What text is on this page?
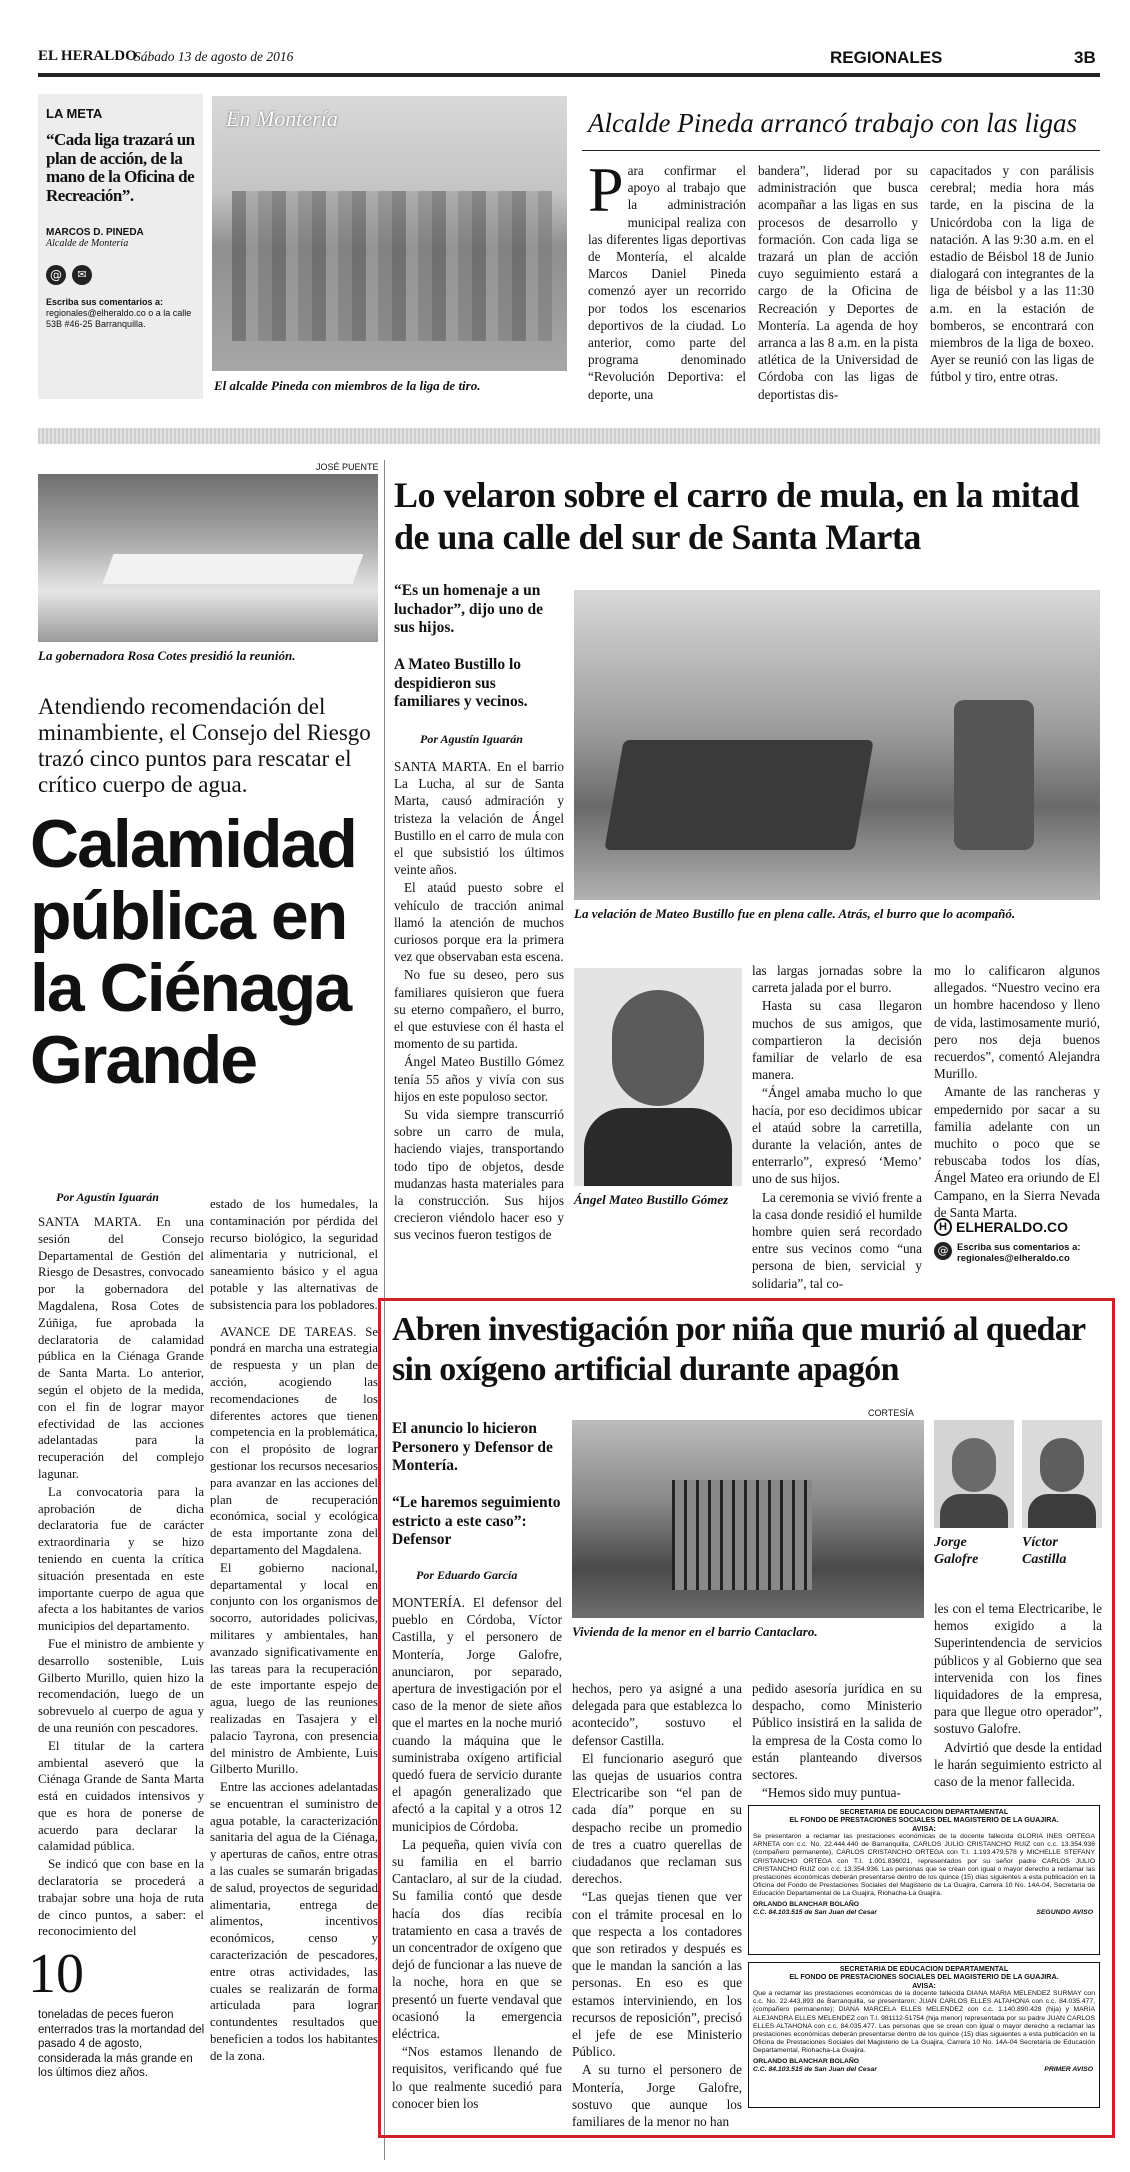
EL HERALDO
Sábado 13 de agosto de 2016	REGIONALES	3B
LA META
“Cada liga trazará un plan de acción, de la mano de la Oficina de Recreación”.
MARCOS D. PINEDA
Alcalde de Montería
@	✉
Escriba sus comentarios a:
regionales@elheraldo.co o a la calle 53B #46-25 Barranquilla.
En Montería
El alcalde Pineda con miembros de la liga de tiro.
Alcalde Pineda arrancó trabajo con las ligas
P ara confirmar el apoyo al trabajo que la administración municipal realiza con las diferentes ligas deportivas de Montería, el alcalde Marcos Daniel Pineda comenzó ayer un recorrido por todos los escenarios deportivos de la ciudad. Lo anterior, como parte del programa denominado “Revolución Deportiva: el deporte, una
bandera”, liderad por su administración que busca acompañar a las ligas en sus procesos de desarrollo y formación. Con cada liga se trazará un plan de acción cuyo seguimiento estará a cargo de la Oficina de Recreación y Deportes de Montería. La agenda de hoy arranca a las 8 a.m. en la pista atlética de la Universidad de Córdoba con las ligas de deportistas dis-
capacitados y con parálisis cerebral; media hora más tarde, en la piscina de la Unicórdoba con la liga de natación. A las 9:30 a.m. en el estadio de Béisbol 18 de Junio dialogará con integrantes de la liga de béisbol y a las 11:30 a.m. en la estación de bomberos, se encontrará con miembros de la liga de boxeo. Ayer se reunió con las ligas de fútbol y tiro, entre otras.
JOSÉ PUENTE
La gobernadora Rosa Cotes presidió la reunión.
Atendiendo recomendación del minambiente, el Consejo del Riesgo trazó cinco puntos para rescatar el crítico cuerpo de agua.
Calamidad pública en la Ciénaga Grande
Por Agustín Iguarán

SANTA MARTA. En una sesión del Consejo Departamental de Gestión del Riesgo de Desastres, convocado por la gobernadora del Magdalena, Rosa Cotes de Zúñiga, fue aprobada la declaratoria de calamidad pública en la Ciénaga Grande de Santa Marta. Lo anterior, según el objeto de la medida, con el fin de lograr mayor efectividad de las acciones adelantadas para la recuperación del complejo lagunar.

La convocatoria para la aprobación de dicha declaratoria fue de carácter extraordinaria y se hizo teniendo en cuenta la crítica situación presentada en este importante cuerpo de agua que afecta a los habitantes de varios municipios del departamento.

Fue el ministro de ambiente y desarrollo sostenible, Luis Gilberto Murillo, quien hizo la recomendación, luego de un sobrevuelo al cuerpo de agua y de una reunión con pescadores.

El titular de la cartera ambiental aseveró que la Ciénaga Grande de Santa Marta está en cuidados intensivos y que es hora de ponerse de acuerdo para declarar la calamidad pública.

Se indicó que con base en la declaratoria se procederá a trabajar sobre una hoja de ruta de cinco puntos, a saber: el reconocimiento del

estado de los humedales, la contaminación por pérdida del recurso biológico, la seguridad alimentaria y nutricional, el saneamiento básico y el agua potable y las alternativas de subsistencia para los pobladores.

AVANCE DE TAREAS. Se pondrá en marcha una estrategia de respuesta y un plan de acción, acogiendo las recomendaciones de los diferentes actores que tienen competencia en la problemática, con el propósito de lograr gestionar los recursos necesarios para avanzar en las acciones del plan de recuperación económica, social y ecológica de esta importante zona del departamento del Magdalena.

El gobierno nacional, departamental y local en conjunto con los organismos de socorro, autoridades policivas, militares y ambientales, han avanzado significativamente en las tareas para la recuperación de este importante espejo de agua, luego de las reuniones realizadas en Tasajera y el palacio Tayrona, con presencia del ministro de Ambiente, Luis Gilberto Murillo.

Entre las acciones adelantadas se encuentran el suministro de agua potable, la caracterización sanitaria del agua de la Ciénaga, y aperturas de caños, entre otras a las cuales se sumarán brigadas de salud, proyectos de seguridad alimentaria, entrega de alimentos, incentivos económicos, censo y caracterización de pescadores, entre otras actividades, las cuales se realizarán de forma articulada para lograr contundentes resultados que beneficien a todos los habitantes de la zona.

10
toneladas de peces fueron enterrados tras la mortandad del pasado 4 de agosto, considerada la más grande en los últimos diez años.
Lo velaron sobre el carro de mula, en la mitad de una calle del sur de Santa Marta
“Es un homenaje a un luchador”, dijo uno de sus hijos.
A Mateo Bustillo lo despidieron sus familiares y vecinos.
Por Agustín Iguarán

SANTA MARTA. En el barrio La Lucha, al sur de Santa Marta, causó admiración y tristeza la velación de Ángel Bustillo en el carro de mula con el que subsistió los últimos veinte años.

El ataúd puesto sobre el vehículo de tracción animal llamó la atención de muchos curiosos porque era la primera vez que observaban esta escena.

No fue su deseo, pero sus familiares quisieron que fuera su eterno compañero, el burro, el que estuviese con él hasta el momento de su partida.

Ángel Mateo Bustillo Gómez tenía 55 años y vivía con sus hijos en este populoso sector.

Su vida siempre transcurrió sobre un carro de mula, haciendo viajes, transportando todo tipo de objetos, desde mudanzas hasta materiales para la construcción. Sus hijos crecieron viéndolo hacer eso y sus vecinos fueron testigos de

La velación de Mateo Bustillo fue en plena calle. Atrás, el burro que lo acompañó.
Ángel Mateo Bustillo Gómez

las largas jornadas sobre la carreta jalada por el burro.

Hasta su casa llegaron muchos de sus amigos, que compartieron la decisión familiar de velarlo de esa manera.

“Ángel amaba mucho lo que hacía, por eso decidimos ubicar el ataúd sobre la carretilla, durante la velación, antes de enterrarlo”, expresó ‘Memo’ uno de sus hijos.

La ceremonia se vivió frente a la casa donde residió el humilde hombre quien será recordado entre sus vecinos como “una persona de bien, servicial y solidaria”, tal co-

mo lo calificaron algunos allegados. “Nuestro vecino era un hombre hacendoso y lleno de vida, lastimosamente murió, pero nos deja buenos recuerdos”, comentó Alejandra Murillo.

Amante de las rancheras y empedernido por sacar a su familia adelante con un muchito o poco que se rebuscaba todos los días, Ángel Mateo era oriundo de El Campano, en la Sierra Nevada de Santa Marta.

H ELHERALDO.CO
@ Escriba sus comentarios a:
regionales@elheraldo.co
Abren investigación por niña que murió al quedar sin oxígeno artificial durante apagón
CORTESÍA
El anuncio lo hicieron Personero y Defensor de Montería.
“Le haremos seguimiento estricto a este caso”: Defensor
Por Eduardo García
Vivienda de la menor en el barrio Cantaclaro.
Jorge Galofre
Víctor Castilla

MONTERÍA. El defensor del pueblo en Córdoba, Víctor Castilla, y el personero de Montería, Jorge Galofre, anunciaron, por separado, apertura de investigación por el caso de la menor de siete años que el martes en la noche murió cuando la máquina que le suministraba oxígeno artificial quedó fuera de servicio durante el apagón generalizado que afectó a la capital y a otros 12 municipios de Córdoba.

La pequeña, quien vivía con su familia en el barrio Cantaclaro, al sur de la ciudad. Su familia contó que desde hacía dos días recibía tratamiento en casa a través de un concentrador de oxígeno que dejó de funcionar a las nueve de la noche, hora en que se presentó un fuerte vendaval que ocasionó la emergencia eléctrica.

“Nos estamos llenando de requisitos, verificando qué fue lo que realmente sucedió para conocer bien los

hechos, pero ya asigné a una delegada para que establezca lo acontecido”, sostuvo el defensor Castilla.

El funcionario aseguró que las quejas de usuarios contra Electricaribe son “el pan de cada día” porque en su despacho recibe un promedio de tres a cuatro querellas de ciudadanos que reclaman sus derechos.

“Las quejas tienen que ver con el trámite procesal en lo que respecta a los contadores que son retirados y después es que le mandan la sanción a las personas. En eso es que estamos interviniendo, en los recursos de reposición”, precisó el jefe de ese Ministerio Público.

A su turno el personero de Montería, Jorge Galofre, sostuvo que aunque los familiares de la menor no han

pedido asesoría jurídica en su despacho, como Ministerio Público insistirá en la salida de la empresa de la Costa como lo están planteando diversos sectores.

“Hemos sido muy puntua-

les con el tema Electricaribe, le hemos exigido a la Superintendencia de servicios públicos y al Gobierno que sea intervenida con los fines liquidadores de la empresa, para que llegue otro operador”, sostuvo Galofre.

Advirtió que desde la entidad le harán seguimiento estricto al caso de la menor fallecida.

SECRETARIA DE EDUCACION DEPARTAMENTAL
EL FONDO DE PRESTACIONES SOCIALES DEL MAGISTERIO DE LA GUAJIRA.
AVISA:
Se presentaron a reclamar las prestaciones económicas de la docente fallecida GLORIA INES ORTEGA ARNETA con c.c. No. 22.444.440 de Barranquilla, CARLOS JULIO CRISTANCHO RUIZ con c.c. 13.354.936 (compañero permanente), CARLOS CRISTANCHO ORTEGA con T.I. 1.193.479.578 y MICHELLE STEFANY CRISTANCHO ORTEGA con T.I. 1.001.836021, representados por su señor padre CARLOS JULIO CRISTANCHO RUIZ con c.c. 13.354.936. Las personas que se crean con igual o mayor derecho a reclamar las prestaciones económicas deberán presentarse dentro de los quince (15) días siguientes a esta publicación en la Oficina del Fondo de Prestaciones Sociales del Magisterio de La Guajira, Carrera 10 No. 14A-04, Secretaría de Educación Departamental de La Guajira, Riohacha-La Guajira.
ORLANDO BLANCHAR BOLAÑO
C.C. 84.103.515 de San Juan del Cesar	SEGUNDO AVISO
SECRETARIA DE EDUCACION DEPARTAMENTAL
EL FONDO DE PRESTACIONES SOCIALES DEL MAGISTERIO DE LA GUAJIRA.
AVISA:
Que a reclamar las prestaciones económicas de la docente fallecida DIANA MARIA MELENDEZ SURMAY con c.c. No. 22.443.893 de Barranquilla, se presentaron: JUAN CARLOS ELLES ALTAHONA con c.c. 84.035.477, (compañero permanente); DIANA MARCELA ELLES MELENDEZ con c.c. 1.140.890.428 (hija) y MARIA ALEJANDRA ELLES MELENDEZ con T.I. 981112-51754 (hija menor) representada por su padre JUAN CARLOS ELLES ALTAHONA con c.c. 84.035.477. Las personas que se crean con igual o mayor derecho a reclamar las prestaciones económicas deberán presentarse dentro de los quince (15) días siguientes a esta publicación en la Oficina de Prestaciones Sociales del Magisterio de La Guajira, Carrera 10 No. 14A-04 Secretaría de Educación Departamental, Riohacha-La Guajira.
ORLANDO BLANCHAR BOLAÑO
C.C. 84.103.515 de San Juan del Cesar	PRIMER AVISO
